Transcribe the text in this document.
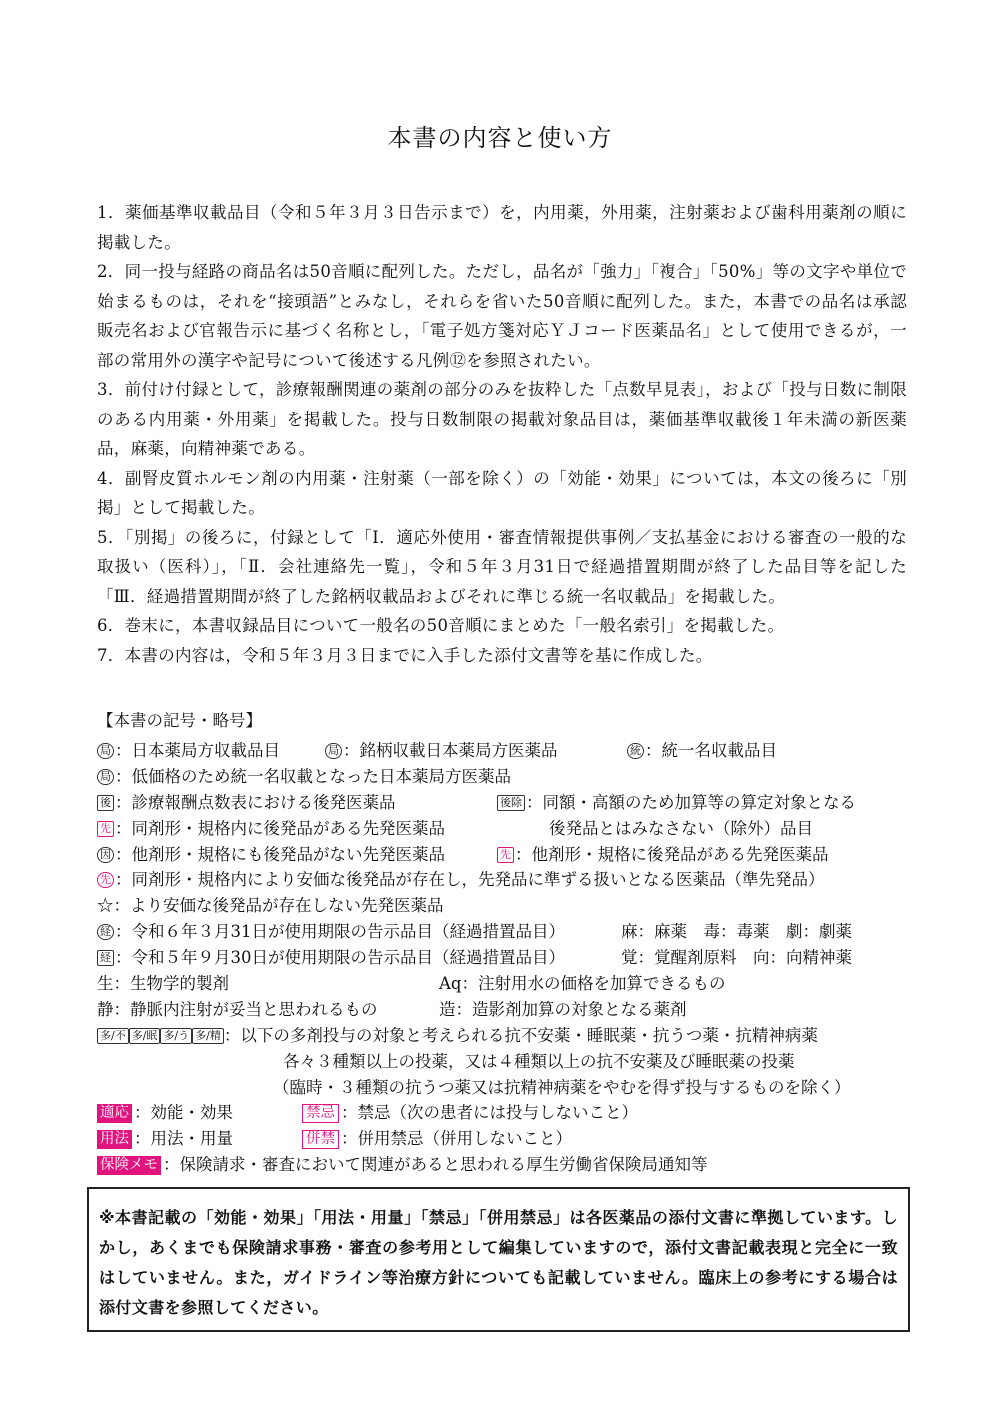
本書の内容と使い方

1．薬価基準収載品目（令和５年３月３日告示まで）を，内用薬，外用薬，注射薬および歯科用薬剤の順に掲載した。

2．同一投与経路の商品名は50音順に配列した。ただし，品名が「強力」「複合」「50%」等の文字や単位で始まるものは，それを“接頭語”とみなし，それらを省いた50音順に配列した。また，本書での品名は承認販売名および官報告示に基づく名称とし，「電子処方箋対応ＹＪコード医薬品名」として使用できるが，一部の常用外の漢字や記号について後述する凡例⑫を参照されたい。

3．前付け付録として，診療報酬関連の薬剤の部分のみを抜粋した「点数早見表」，および「投与日数に制限のある内用薬・外用薬」を掲載した。投与日数制限の掲載対象品目は，薬価基準収載後１年未満の新医薬品，麻薬，向精神薬である。

4．副腎皮質ホルモン剤の内用薬・注射薬（一部を除く）の「効能・効果」については，本文の後ろに「別掲」として掲載した。

5．「別掲」の後ろに，付録として「Ⅰ．適応外使用・審査情報提供事例／支払基金における審査の一般的な取扱い（医科）」，「Ⅱ．会社連絡先一覧」，令和５年３月31日で経過措置期間が終了した品目等を記した「Ⅲ．経過措置期間が終了した銘柄収載品およびそれに準じる統一名収載品」を掲載した。

6．巻末に，本書収録品目について一般名の50音順にまとめた「一般名索引」を掲載した。

7．本書の内容は，令和５年３月３日までに入手した添付文書等を基に作成した。

【本書の記号・略号】
局 ：日本薬局方収載品目	局 ：銘柄収載日本薬局方医薬品	統 ：統一名収載品目
局 ：低価格のため統一名収載となった日本薬局方医薬品
後 ：診療報酬点数表における後発医薬品	後除 ：同額・高額のため加算等の算定対象となる
先 ：同剤形・規格内に後発品がある先発医薬品	後発品とはみなさない（除外）品目
因 ：他剤形・規格にも後発品がない先発医薬品	先 ：他剤形・規格に後発品がある先発医薬品
先 ：同剤形・規格内により安価な後発品が存在し，先発品に準ずる扱いとなる医薬品（準先発品）
☆：より安価な後発品が存在しない先発医薬品
経 ：令和６年３月31日が使用期限の告示品目（経過措置品目）	麻：麻薬　毒：毒薬　劇：劇薬
経 ：令和５年９月30日が使用期限の告示品目（経過措置品目）	覚：覚醒剤原料　向：向精神薬
生：生物学的製剤	Aq：注射用水の価格を加算できるもの
静：静脈内注射が妥当と思われるもの	造：造影剤加算の対象となる薬剤
多/不 多/眠 多/う 多/精 ：以下の多剤投与の対象と考えられる抗不安薬・睡眠薬・抗うつ薬・抗精神病薬
各々３種類以上の投薬，又は４種類以上の抗不安薬及び睡眠薬の投薬
（臨時・３種類の抗うつ薬又は抗精神病薬をやむを得ず投与するものを除く）
適応 ：効能・効果	禁忌 ：禁忌（次の患者には投与しないこと）
用法 ：用法・用量	併禁 ：併用禁忌（併用しないこと）
保険メモ ：保険請求・審査において関連があると思われる厚生労働省保険局通知等
※本書記載の「効能・効果」「用法・用量」「禁忌」「併用禁忌」は各医薬品の添付文書に準拠しています。しかし，あくまでも保険請求事務・審査の参考用として編集していますので，添付文書記載表現と完全に一致はしていません。また，ガイドライン等治療方針についても記載していません。臨床上の参考にする場合は添付文書を参照してください。
